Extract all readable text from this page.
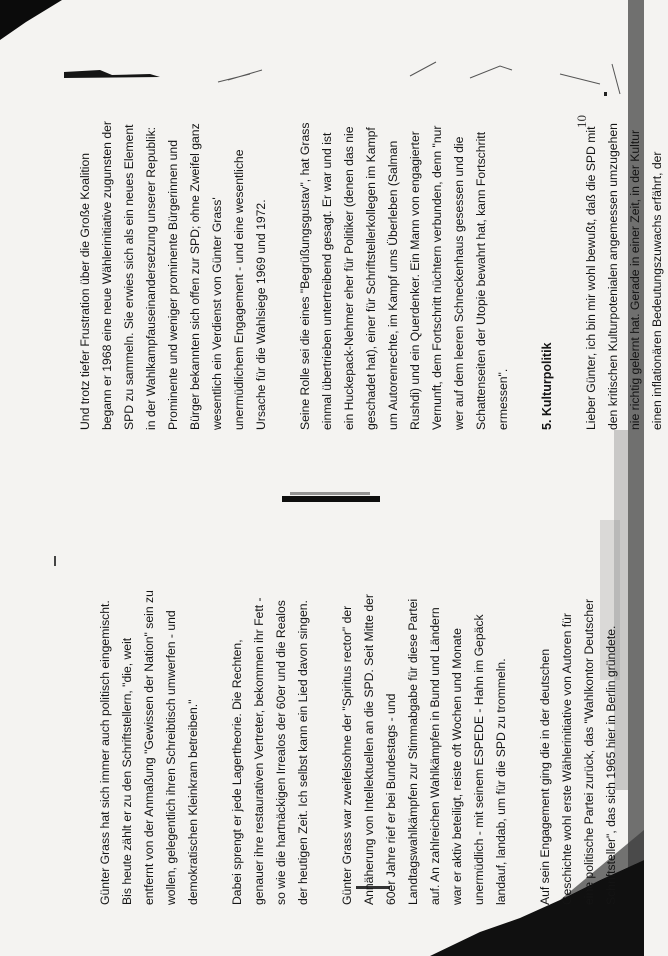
10

Günter Grass hat sich immer auch politisch eingemischt. Bis heute zählt er zu den Schriftstellern, "die, weit entfernt von der Anmaßung "Gewissen der Nation" sein zu wollen, gelegentlich ihren Schreibtisch umwerfen - und demokratischen Kleinkram betreiben."	Dabei sprengt er jede Lagertheorie. Die Rechten, genauer ihre restaurativen Vertreter, bekommen ihr Fett - so wie die hartnäckigen Irrealos der 60er und die Realos der heutigen Zeit. Ich selbst kann ein Lied davon singen.	Günter Grass war zweifelsohne der "Spiritus rector" der Annäherung von Intellektuellen an die SPD. Seit Mitte der 60er Jahre rief er bei Bundestags - und Landtagswahlkämpfen zur Stimmabgabe für diese Partei auf. An zahlreichen Wahlkämpfen in Bund und Ländern war er aktiv beteiligt, reiste oft Wochen und Monate unermüdlich - mit seinem ESPEDE - Hahn im Gepäck landauf, landab, um für die SPD zu trommeln.	Auf sein Engagement ging die in der deutschen Geschichte wohl erste Wählerinitiative von Autoren für eine politische Partei zurück, das "Wahlkontor Deutscher Schriftsteller", das sich 1965 hier in Berlin gründete.

Und trotz tiefer Frustration über die Große Koalition begann er 1968 eine neue Wählerinitiative zugunsten der SPD zu sammeln. Sie erwies sich als ein neues Element in der Wahlkampfauseinandersetzung unserer Republik: Prominente und weniger prominente Bürgerinnen und Bürger bekannten sich offen zur SPD; ohne Zweifel ganz wesentlich ein Verdienst von Günter Grass' unermüdlichem Engagement - und eine wesentliche Ursache für die Wahlsiege 1969 und 1972.	Seine Rolle sei die eines "Begrüßungsgustav", hat Grass einmal übertrieben untertreibend gesagt. Er war und ist ein Huckepack-Nehmer eher für Politiker (denen das nie geschadet hat), einer für Schriftstellerkollegen im Kampf um Autorenrechte, im Kampf ums Überleben (Salman Rushdi) und ein Querdenker. Ein Mann von engagierter Vernunft, dem Fortschritt nüchtern verbunden, denn "nur wer auf dem leeren Schneckenhaus gesessen und die Schattenseiten der Utopie bewahrt hat, kann Fortschritt ermessen".	5. Kulturpolitik	Lieber Günter, ich bin mir wohl bewußt, daß die SPD mit den kritischen Kulturpotenialen angemessen umzugehen nie richtig gelernt hat. Gerade in einer Zeit, in der Kultur einen inflationären Bedeutungszuwachs erfährt, der
